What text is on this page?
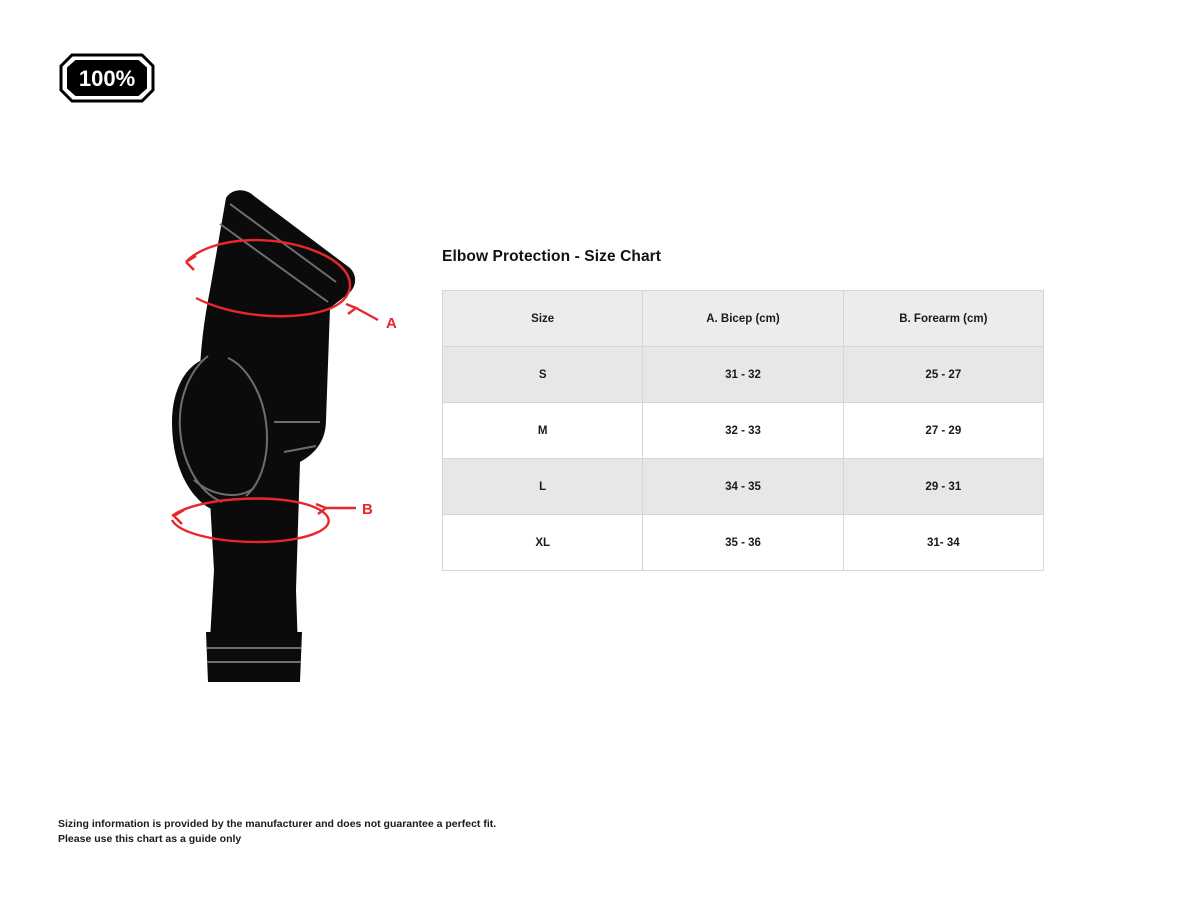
100%
A
B
Elbow Protection - Size Chart
Size	A. Bicep (cm)	B. Forearm (cm)
S	31 - 32	25 - 27
M	32 - 33	27 - 29
L	34 - 35	29 - 31
XL	35 - 36	31- 34
Sizing information is provided by the manufacturer and does not guarantee a perfect fit.
Please use this chart as a guide only
